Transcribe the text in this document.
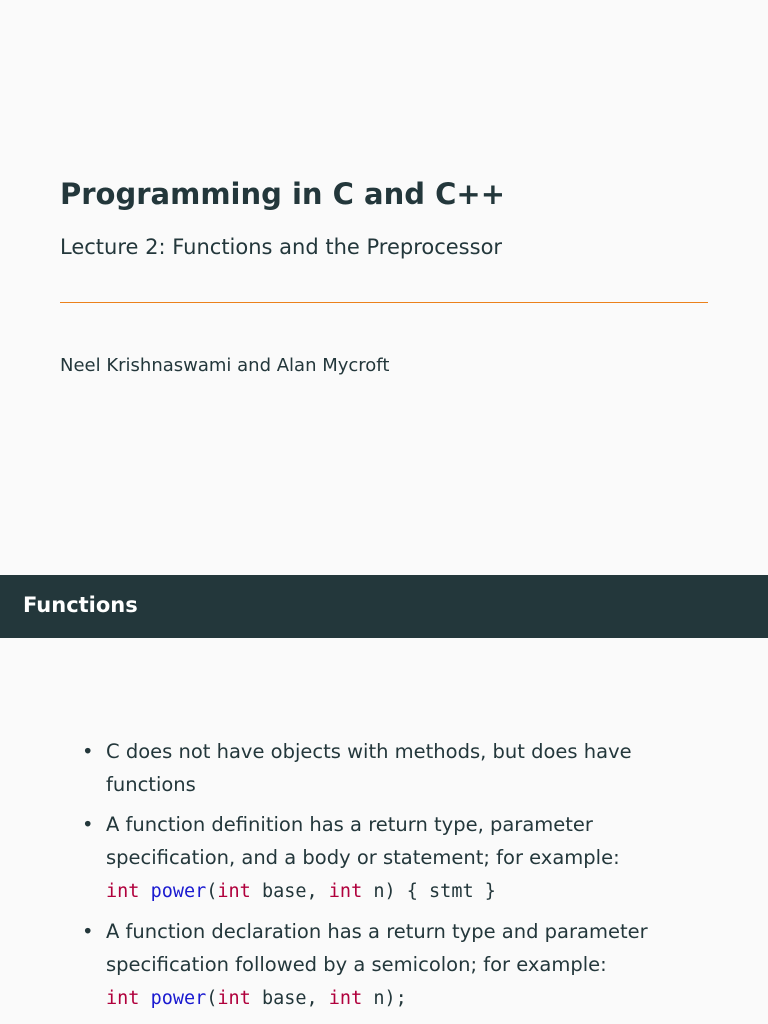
Programming in C and C++
Lecture 2: Functions and the Preprocessor
Neel Krishnaswami and Alan Mycroft
Functions
• C does not have objects with methods, but does have functions
• A function definition has a return type, parameter specification, and a body or statement; for example:
int power(int base, int n) { stmt }
• A function declaration has a return type and parameter specification followed by a semicolon; for example:
int power(int base, int n);
